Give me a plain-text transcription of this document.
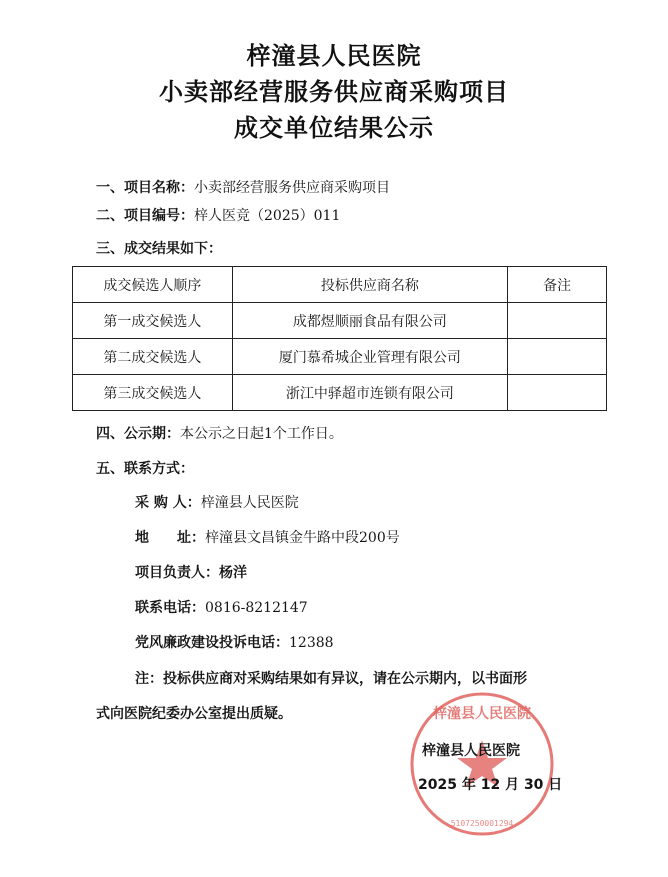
梓潼县人民医院
小卖部经营服务供应商采购项目
成交单位结果公示
一、项目名称：小卖部经营服务供应商采购项目
二、项目编号：梓人医竞（2025）011
三、成交结果如下：
成交候选人顺序	投标供应商名称	备注
第一成交候选人	成都煜顺丽食品有限公司	
第二成交候选人	厦门慕希城企业管理有限公司	
第三成交候选人	浙江中驿超市连锁有限公司	
四、公示期：本公示之日起1个工作日。
五、联系方式：
采 购 人：梓潼县人民医院
地　　址：梓潼县文昌镇金牛路中段200号
项目负责人：杨洋
联系电话：0816-8212147
党风廉政建设投诉电话：12388
注：投标供应商对采购结果如有异议，请在公示期内，以书面形
式向医院纪委办公室提出质疑。	梓潼县人民医院
5107250001294
梓潼县人民医院
2025 年 12 月 30 日
